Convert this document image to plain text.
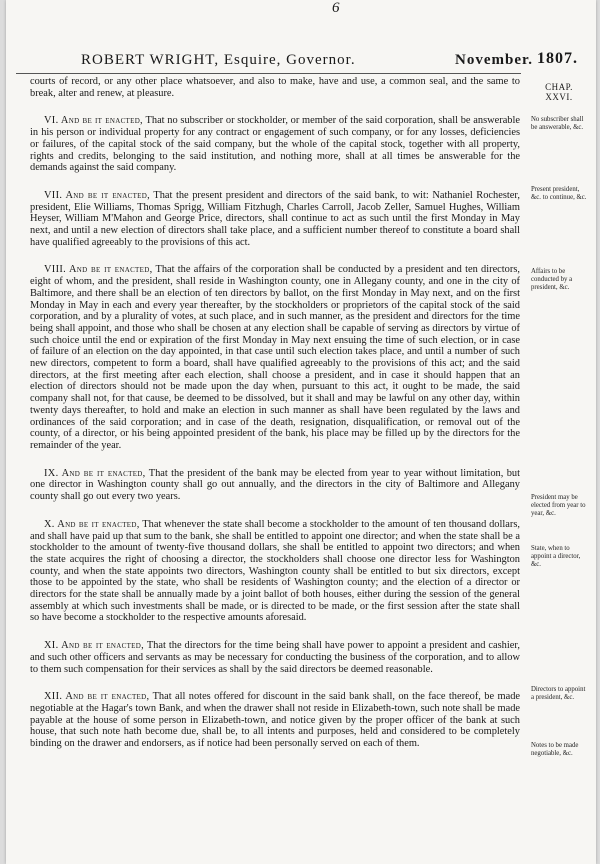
6
ROBERT WRIGHT, Esquire, Governor.	November. 1807.
CHAP.
XXVI.

courts of record, or any other place whatsoever, and also to make, have and use, a common seal, and the same to break, alter and renew, at pleasure.

VI. And be it enacted, That no subscriber or stockholder, or member of the said corporation, shall be answerable in his person or individual property for any contract or engagement of such company, or for any losses, deficiencies or failures, of the capital stock of the said company, but the whole of the capital stock, together with all property, rights and credits, belonging to the said institution, and nothing more, shall at all times be answerable for the demands against the said company.

VII. And be it enacted, That the present president and directors of the said bank, to wit: Nathaniel Rochester, president, Elie Williams, Thomas Sprigg, William Fitzhugh, Charles Carroll, Jacob Zeller, Samuel Hughes, William Heyser, William M'Mahon and George Price, directors, shall continue to act as such until the first Monday in May next, and until a new election of directors shall take place, and a sufficient number thereof to constitute a board shall have qualified agreeably to the provisions of this act.

VIII. And be it enacted, That the affairs of the corporation shall be conducted by a president and ten directors, eight of whom, and the president, shall reside in Washington county, one in Allegany county, and one in the city of Baltimore, and there shall be an election of ten directors by ballot, on the first Monday in May next, and on the first Monday in May in each and every year thereafter, by the stockholders or proprietors of the capital stock of the said corporation, and by a plurality of votes, at such place, and in such manner, as the president and directors for the time being shall appoint, and those who shall be chosen at any election shall be capable of serving as directors by virtue of such choice until the end or expiration of the first Monday in May next ensuing the time of such election, or in case of failure of an election on the day appointed, in that case until such election takes place, and until a number of such new directors, competent to form a board, shall have qualified agreeably to the provisions of this act; and the said directors, at the first meeting after each election, shall choose a president, and in case it should happen that an election of directors should not be made upon the day when, pursuant to this act, it ought to be made, the said company shall not, for that cause, be deemed to be dissolved, but it shall and may be lawful on any other day, within twenty days thereafter, to hold and make an election in such manner as shall have been regulated by the laws and ordinances of the said corporation; and in case of the death, resignation, disqualification, or removal out of the county, of a director, or his being appointed president of the bank, his place may be filled up by the directors for the remainder of the year.

IX. And be it enacted, That the president of the bank may be elected from year to year without limitation, but one director in Washington county shall go out annually, and the directors in the city of Baltimore and Allegany county shall go out every two years.

X. And be it enacted, That whenever the state shall become a stockholder to the amount of ten thousand dollars, and shall have paid up that sum to the bank, she shall be entitled to appoint one director; and when the state shall be a stockholder to the amount of twenty-five thousand dollars, she shall be entitled to appoint two directors; and when the state acquires the right of choosing a director, the stockholders shall choose one director less for Washington county, and when the state appoints two directors, Washington county shall be entitled to but six directors, except those to be appointed by the state, who shall be residents of Washington county; and the election of a director or directors for the state shall be annually made by a joint ballot of both houses, either during the session of the general assembly at which such investments shall be made, or is directed to be made, or the first session after the state shall so have become a stockholder to the respective amounts aforesaid.

XI. And be it enacted, That the directors for the time being shall have power to appoint a president and cashier, and such other officers and servants as may be necessary for conducting the business of the corporation, and to allow to them such compensation for their services as shall by the said directors be deemed reasonable.

XII. And be it enacted, That all notes offered for discount in the said bank shall, on the face thereof, be made negotiable at the Hagar's town Bank, and when the drawer shall not reside in Elizabeth-town, such note shall be made payable at the house of some person in Elizabeth-town, and notice given by the proper officer of the bank at such house, that such note hath become due, shall be, to all intents and purposes, held and considered to be completely binding on the drawer and endorsers, as if notice had been personally served on each of them.

No subscriber shall be answerable, &c.
Present president, &c. to continue, &c.
Affairs to be conducted by a president, &c.
President may be elected from year to year, &c.
State, when to appoint a director, &c.
Directors to appoint a president, &c.
Notes to be made negotiable, &c.
